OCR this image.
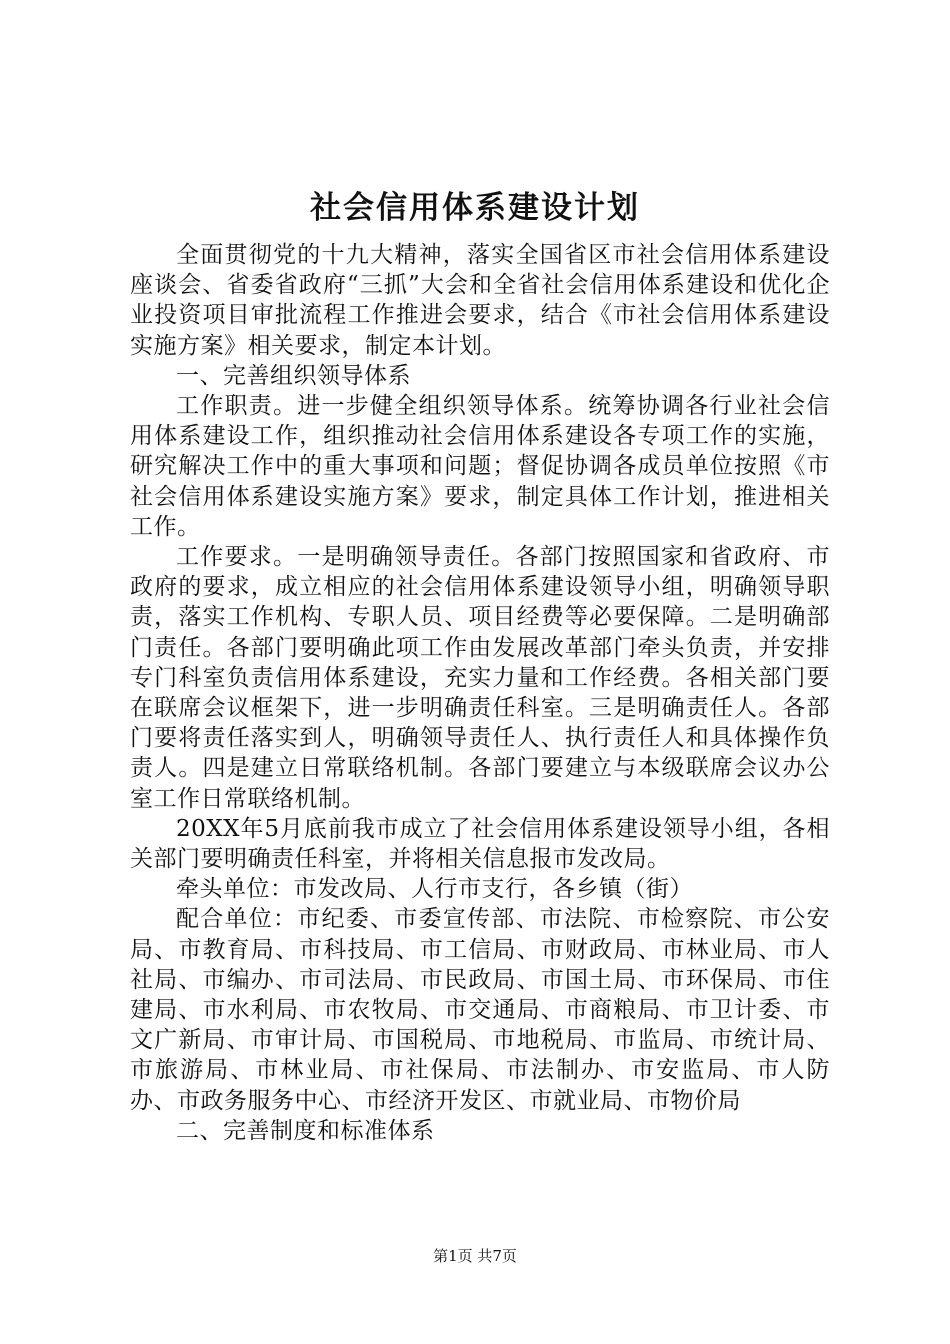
社会信用体系建设计划

全面贯彻党的十九大精神，落实全国省区市社会信用体系建设座谈会、省委省政府“三抓”大会和全省社会信用体系建设和优化企业投资项目审批流程工作推进会要求，结合《市社会信用体系建设实施方案》相关要求，制定本计划。

一、完善组织领导体系

工作职责。进一步健全组织领导体系。统筹协调各行业社会信用体系建设工作，组织推动社会信用体系建设各专项工作的实施，研究解决工作中的重大事项和问题；督促协调各成员单位按照《市社会信用体系建设实施方案》要求，制定具体工作计划，推进相关工作。

工作要求。一是明确领导责任。各部门按照国家和省政府、市政府的要求，成立相应的社会信用体系建设领导小组，明确领导职责，落实工作机构、专职人员、项目经费等必要保障。二是明确部门责任。各部门要明确此项工作由发展改革部门牵头负责，并安排专门科室负责信用体系建设，充实力量和工作经费。各相关部门要在联席会议框架下，进一步明确责任科室。三是明确责任人。各部门要将责任落实到人，明确领导责任人、执行责任人和具体操作负责人。四是建立日常联络机制。各部门要建立与本级联席会议办公室工作日常联络机制。

20XX年5月底前我市成立了社会信用体系建设领导小组，各相关部门要明确责任科室，并将相关信息报市发改局。

牵头单位：市发改局、人行市支行，各乡镇（街）

配合单位：市纪委、市委宣传部、市法院、市检察院、市公安局、市教育局、市科技局、市工信局、市财政局、市林业局、市人社局、市编办、市司法局、市民政局、市国土局、市环保局、市住建局、市水利局、市农牧局、市交通局、市商粮局、市卫计委、市文广新局、市审计局、市国税局、市地税局、市监局、市统计局、市旅游局、市林业局、市社保局、市法制办、市安监局、市人防办、市政务服务中心、市经济开发区、市就业局、市物价局

二、完善制度和标准体系

第1页 共7页
